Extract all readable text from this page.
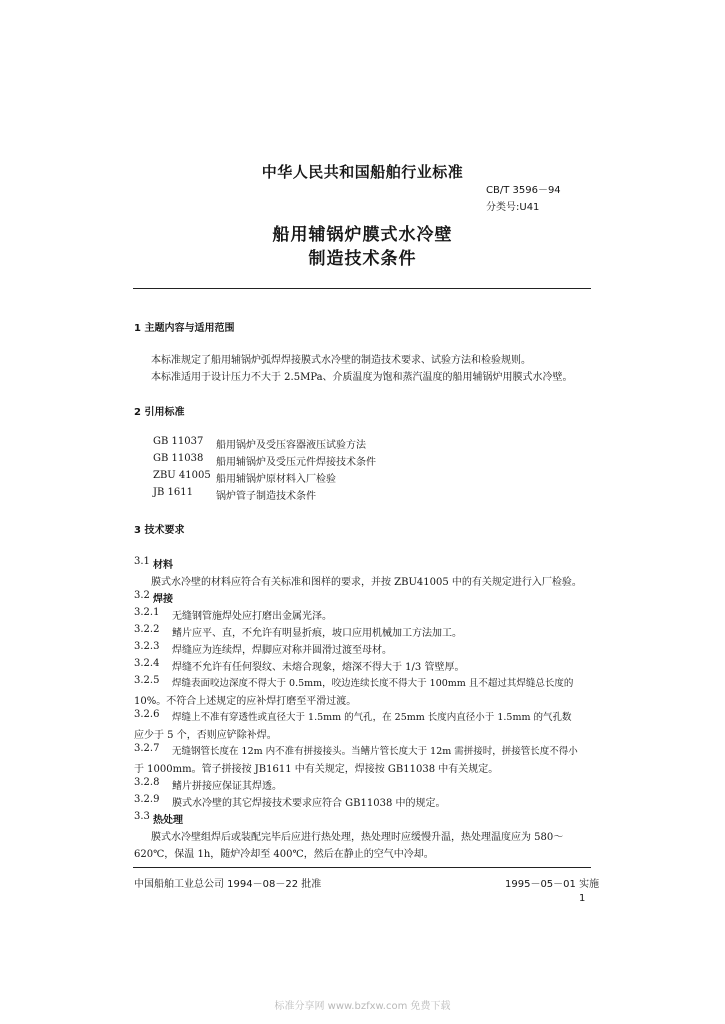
中华人民共和国船舶行业标准
CB/T 3596－94
分类号:U41
船用辅锅炉膜式水冷壁
制造技术条件
1 主题内容与适用范围
本标准规定了船用辅锅炉弧焊焊接膜式水冷壁的制造技术要求、试验方法和检验规则。
本标准适用于设计压力不大于 2.5MPa、介质温度为饱和蒸汽温度的船用辅锅炉用膜式水冷壁。
2 引用标准
GB 11037 船用锅炉及受压容器液压试验方法
GB 11038 船用辅锅炉及受压元件焊接技术条件
ZBU 41005 船用辅锅炉原材料入厂检验
JB 1611 锅炉管子制造技术条件
3 技术要求
3.1 材料
膜式水冷壁的材料应符合有关标准和图样的要求，并按 ZBU41005 中的有关规定进行入厂检验。
3.2 焊接
3.2.1 无缝钢管施焊处应打磨出金属光泽。
3.2.2 鳍片应平、直，不允许有明显折痕，坡口应用机械加工方法加工。
3.2.3 焊缝应为连续焊，焊脚应对称并圆滑过渡至母材。
3.2.4 焊缝不允许有任何裂纹、未熔合现象，熔深不得大于 1/3 管壁厚。
3.2.5 焊缝表面咬边深度不得大于 0.5mm，咬边连续长度不得大于 100mm 且不超过其焊缝总长度的
10%。不符合上述规定的应补焊打磨至平滑过渡。
3.2.6 焊缝上不准有穿透性或直径大于 1.5mm 的气孔，在 25mm 长度内直径小于 1.5mm 的气孔数
应少于 5 个，否则应铲除补焊。
3.2.7 无缝钢管长度在 12m 内不准有拼接接头。当鳍片管长度大于 12m 需拼接时，拼接管长度不得小
于 1000mm。管子拼接按 JB1611 中有关规定，焊接按 GB11038 中有关规定。
3.2.8 鳍片拼接应保证其焊透。
3.2.9 膜式水冷壁的其它焊接技术要求应符合 GB11038 中的规定。
3.3 热处理
膜式水冷壁组焊后或装配完毕后应进行热处理，热处理时应缓慢升温，热处理温度应为 580～
620℃，保温 1h，随炉冷却至 400℃，然后在静止的空气中冷却。
中国船舶工业总公司 1994－08－22 批准	1995－05－01 实施
1
标准分享网 www.bzfxw.com 免费下载
